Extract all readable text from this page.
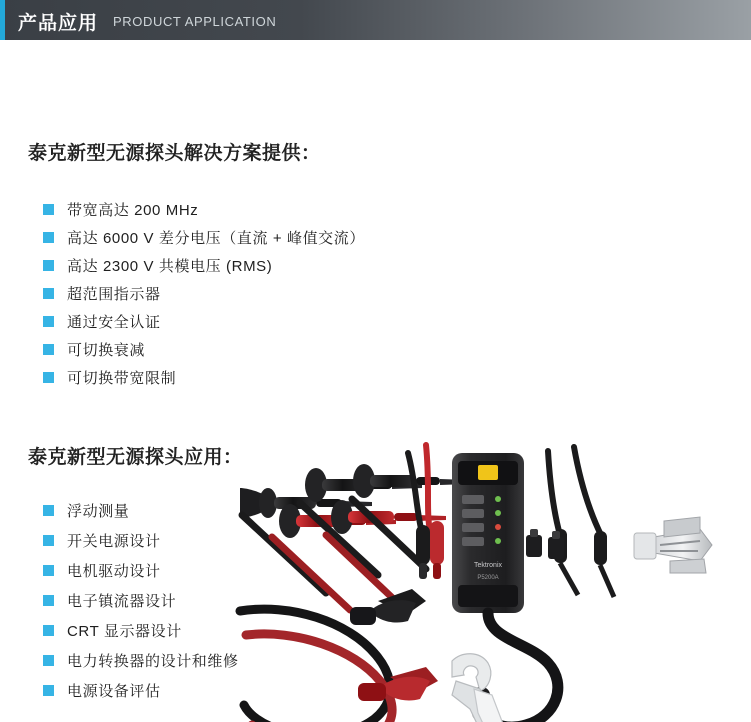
产品应用 PRODUCT APPLICATION
泰克新型无源探头解决方案提供：
带宽高达 200 MHz
高达 6000 V 差分电压（直流 + 峰值交流）
高达 2300 V 共模电压 (RMS)
超范围指示器
通过安全认证
可切换衰减
可切换带宽限制
泰克新型无源探头应用：
浮动测量
开关电源设计
电机驱动设计
电子镇流器设计
CRT 显示器设计
电力转换器的设计和维修
电源设备评估
Tektronix
P5200A
